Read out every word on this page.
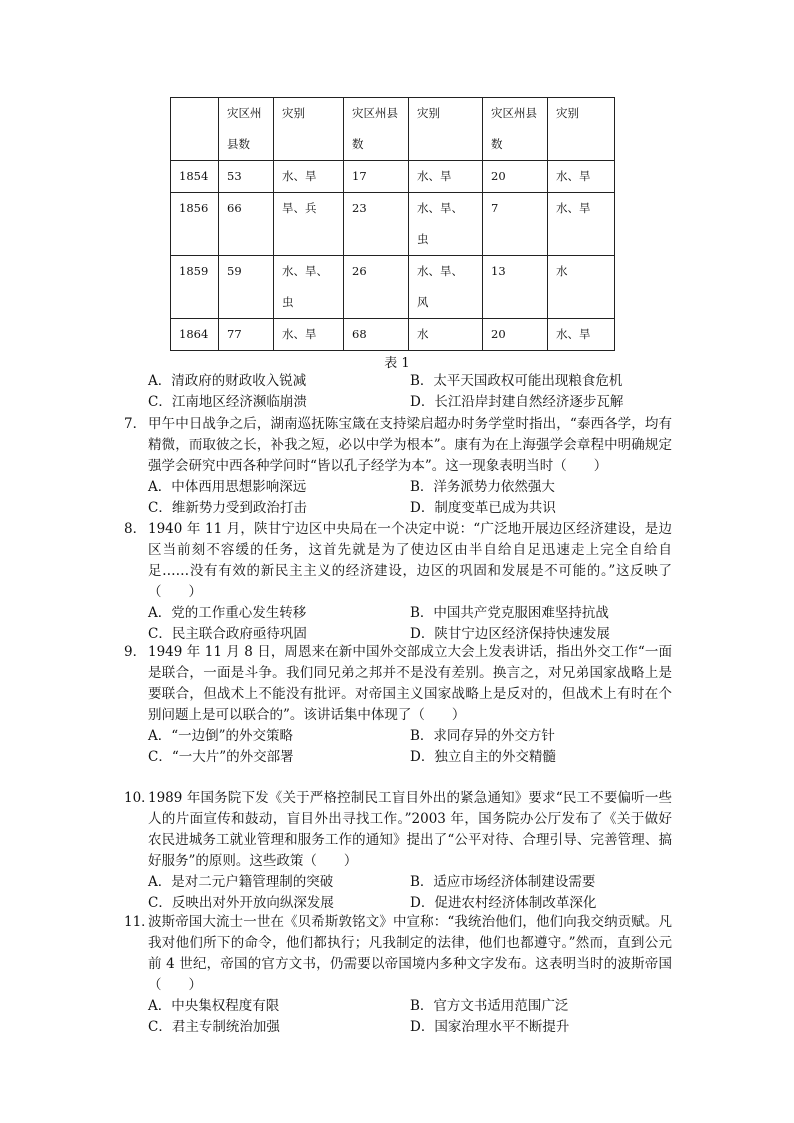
	灾区州县数	灾别	灾区州县数	灾别	灾区州县数	灾别
1854	53	水、旱	17	水、旱	20	水、旱
1856	66	旱、兵	23	水、旱、虫	7	水、旱
1859	59	水、旱、虫	26	水、旱、风	13	水
1864	77	水、旱	68	水	20	水、旱
表 1
A．清政府的财政收入锐减	B．太平天国政权可能出现粮食危机
C．江南地区经济濒临崩溃	D．长江沿岸封建自然经济逐步瓦解
7． 甲午中日战争之后，湖南巡抚陈宝箴在支持梁启超办时务学堂时指出，“泰西各学，均有精微，而取彼之长，补我之短，必以中学为根本”。康有为在上海强学会章程中明确规定强学会研究中西各种学问时“皆以孔子经学为本”。这一现象表明当时（　　）
A．中体西用思想影响深远	B．洋务派势力依然强大
C．维新势力受到政治打击	D．制度变革已成为共识
8． 1940 年 11 月，陕甘宁边区中央局在一个决定中说：“广泛地开展边区经济建设，是边区当前刻不容缓的任务，这首先就是为了使边区由半自给自足迅速走上完全自给自足……没有有效的新民主主义的经济建设，边区的巩固和发展是不可能的。”这反映了（　　）
A．党的工作重心发生转移	B．中国共产党克服困难坚持抗战
C．民主联合政府亟待巩固	D．陕甘宁边区经济保持快速发展
9． 1949 年 11 月 8 日，周恩来在新中国外交部成立大会上发表讲话，指出外交工作“一面是联合，一面是斗争。我们同兄弟之邦并不是没有差别。换言之，对兄弟国家战略上是要联合，但战术上不能没有批评。对帝国主义国家战略上是反对的，但战术上有时在个别问题上是可以联合的”。该讲话集中体现了（　　）
A．“一边倒”的外交策略	B．求同存异的外交方针
C．“一大片”的外交部署	D．独立自主的外交精髓
10．
1989 年国务院下发《关于严格控制民工盲目外出的紧急通知》要求“民工不要偏听一些人的片面宣传和鼓动，盲目外出寻找工作。”2003 年，国务院办公厅发布了《关于做好农民进城务工就业管理和服务工作的通知》提出了“公平对待、合理引导、完善管理、搞好服务”的原则。这些政策（　　）
A．是对二元户籍管理制的突破	B．适应市场经济体制建设需要
C．反映出对外开放向纵深发展	D．促进农村经济体制改革深化
11．
波斯帝国大流士一世在《贝希斯敦铭文》中宣称：“我统治他们，他们向我交纳贡赋。凡我对他们所下的命令，他们都执行；凡我制定的法律，他们也都遵守。”然而，直到公元前 4 世纪，帝国的官方文书，仍需要以帝国境内多种文字发布。这表明当时的波斯帝国（　　）
A．中央集权程度有限	B．官方文书适用范围广泛
C．君主专制统治加强	D．国家治理水平不断提升
